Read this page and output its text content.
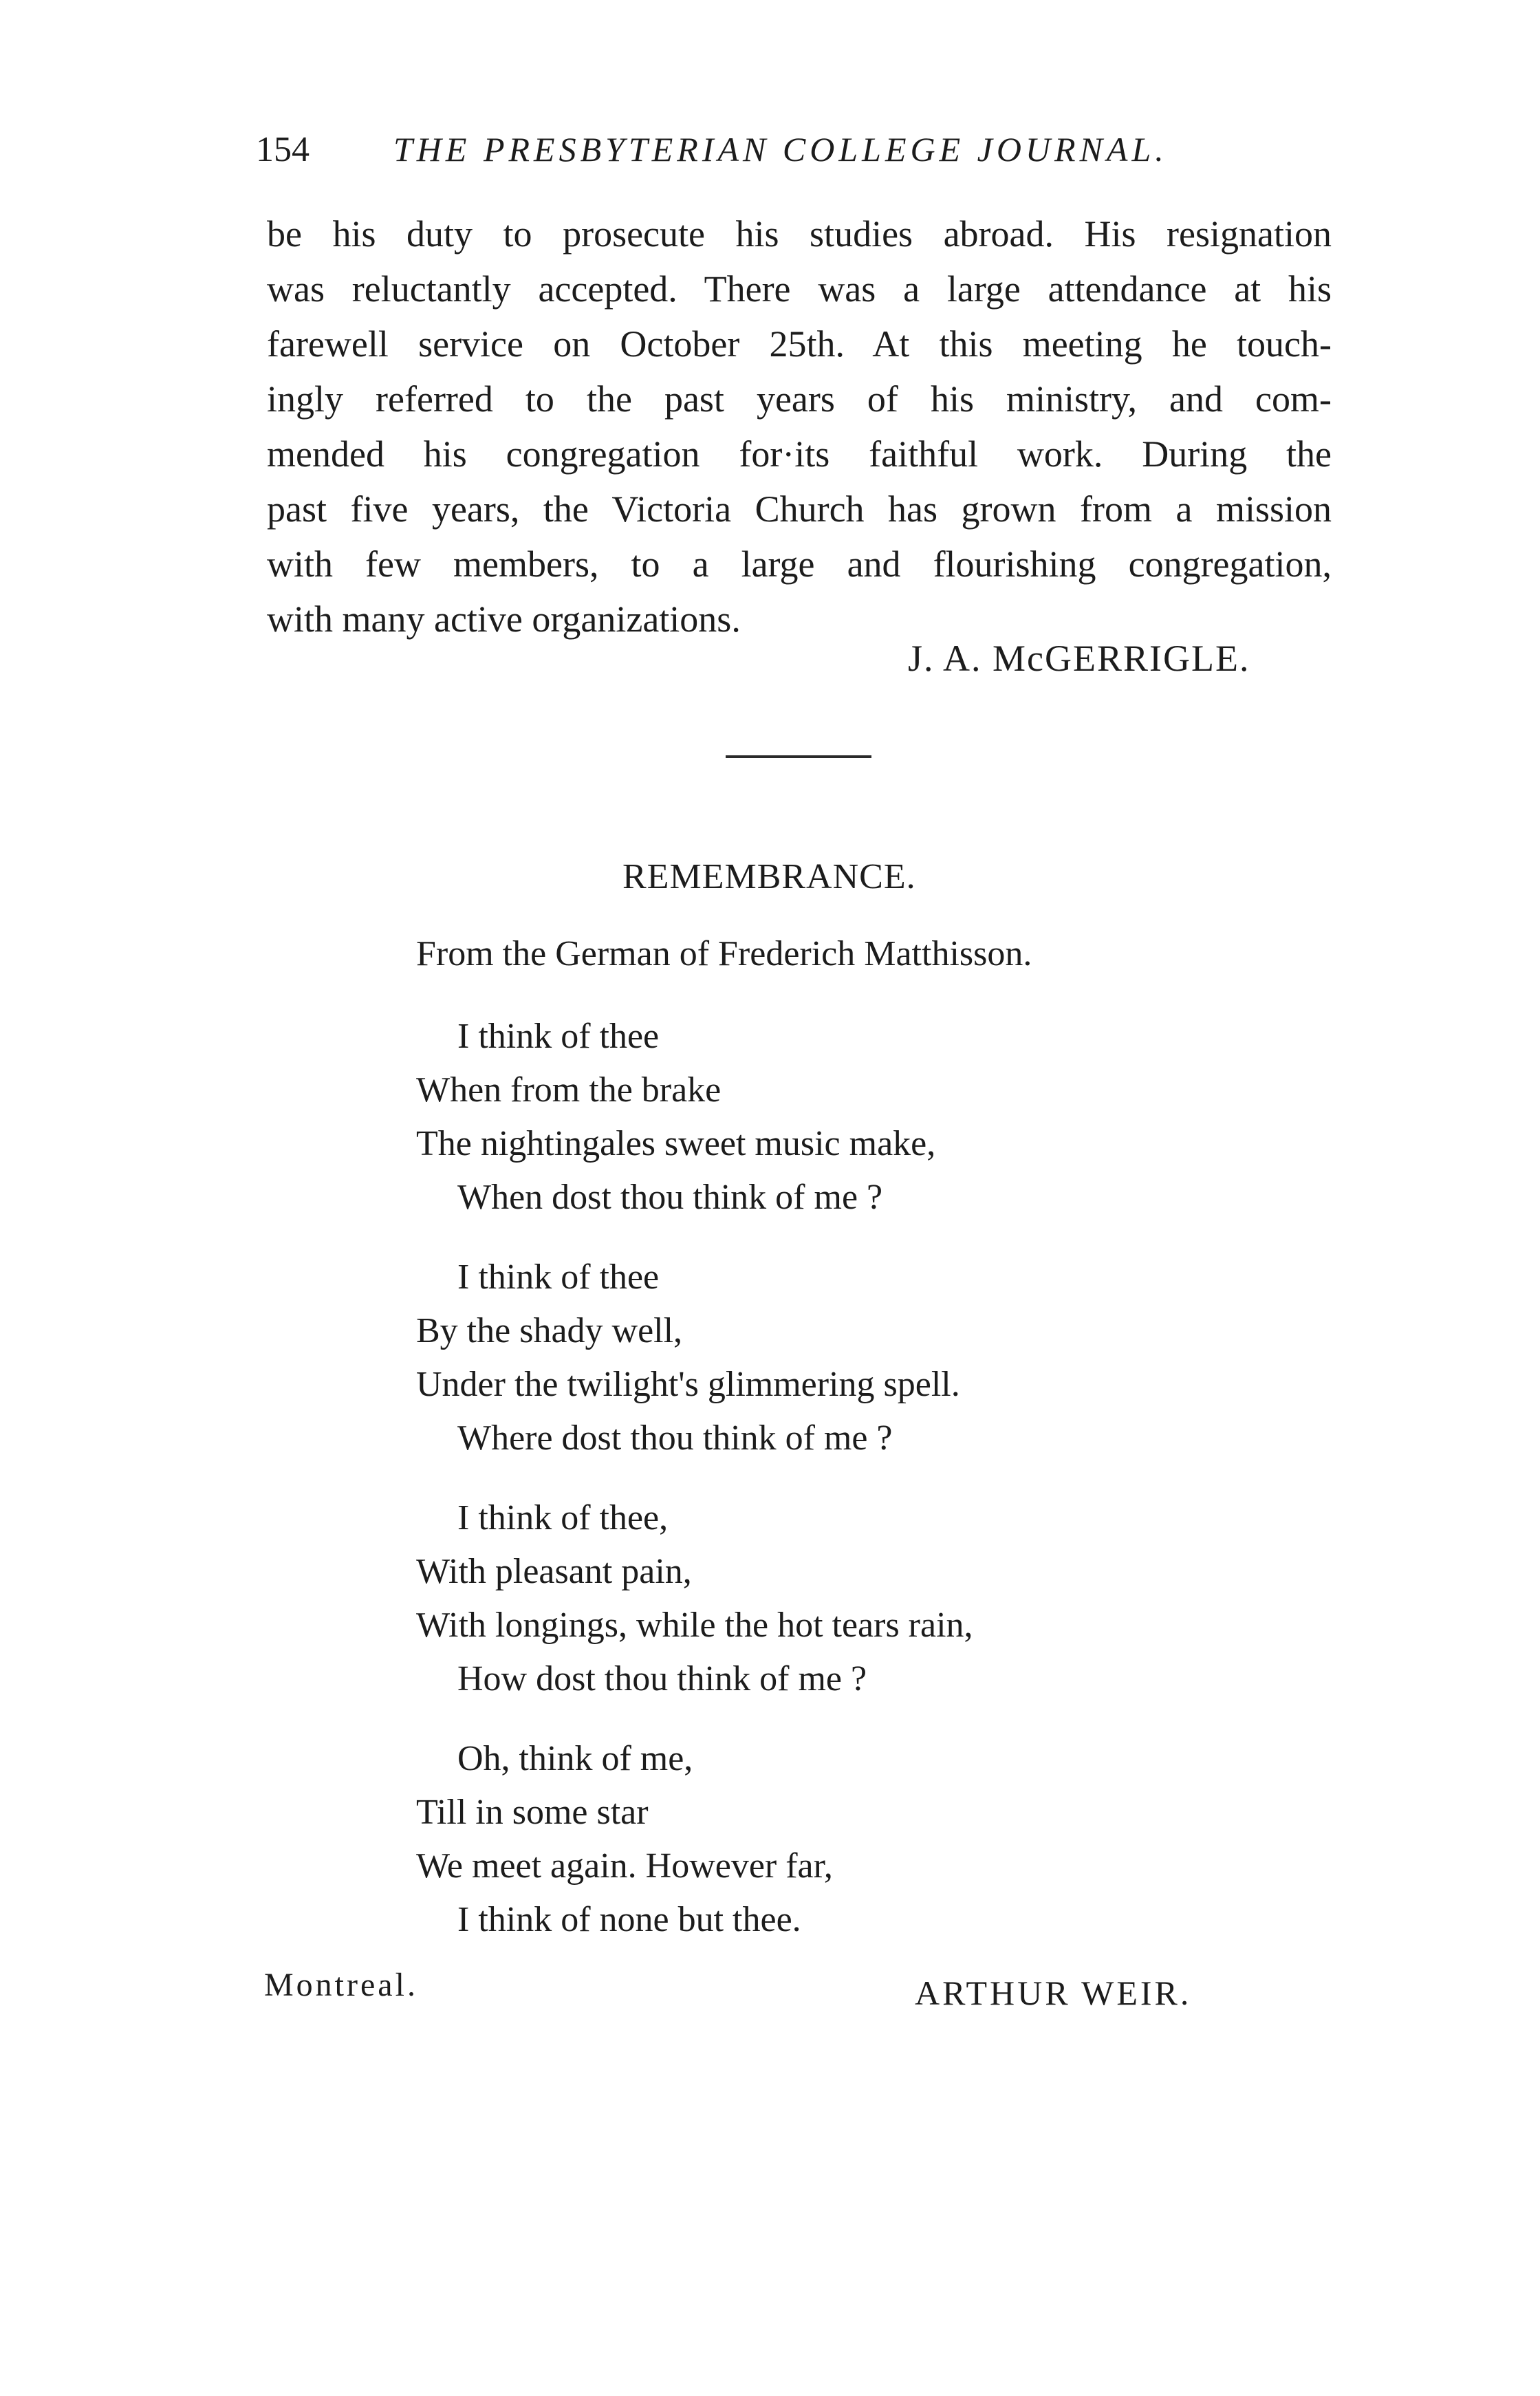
154 THE PRESBYTERIAN COLLEGE JOURNAL.
be his duty to prosecute his studies abroad. His resignation
was reluctantly accepted. There was a large attendance at his
farewell service on October 25th. At this meeting he touch-
ingly referred to the past years of his ministry, and com-
mended his congregation for·its faithful work. During the
past five years, the Victoria Church has grown from a mission
with few members, to a large and flourishing congregation,
with many active organizations.
J. A. McGERRIGLE.
REMEMBRANCE.
From the German of Frederich Matthisson.
I think of thee
When from the brake
The nightingales sweet music make,
When dost thou think of me ?
I think of thee
By the shady well,
Under the twilight's glimmering spell.
Where dost thou think of me ?
I think of thee,
With pleasant pain,
With longings, while the hot tears rain,
How dost thou think of me ?
Oh, think of me,
Till in some star
We meet again. However far,
I think of none but thee.
Montreal.	ARTHUR WEIR.
